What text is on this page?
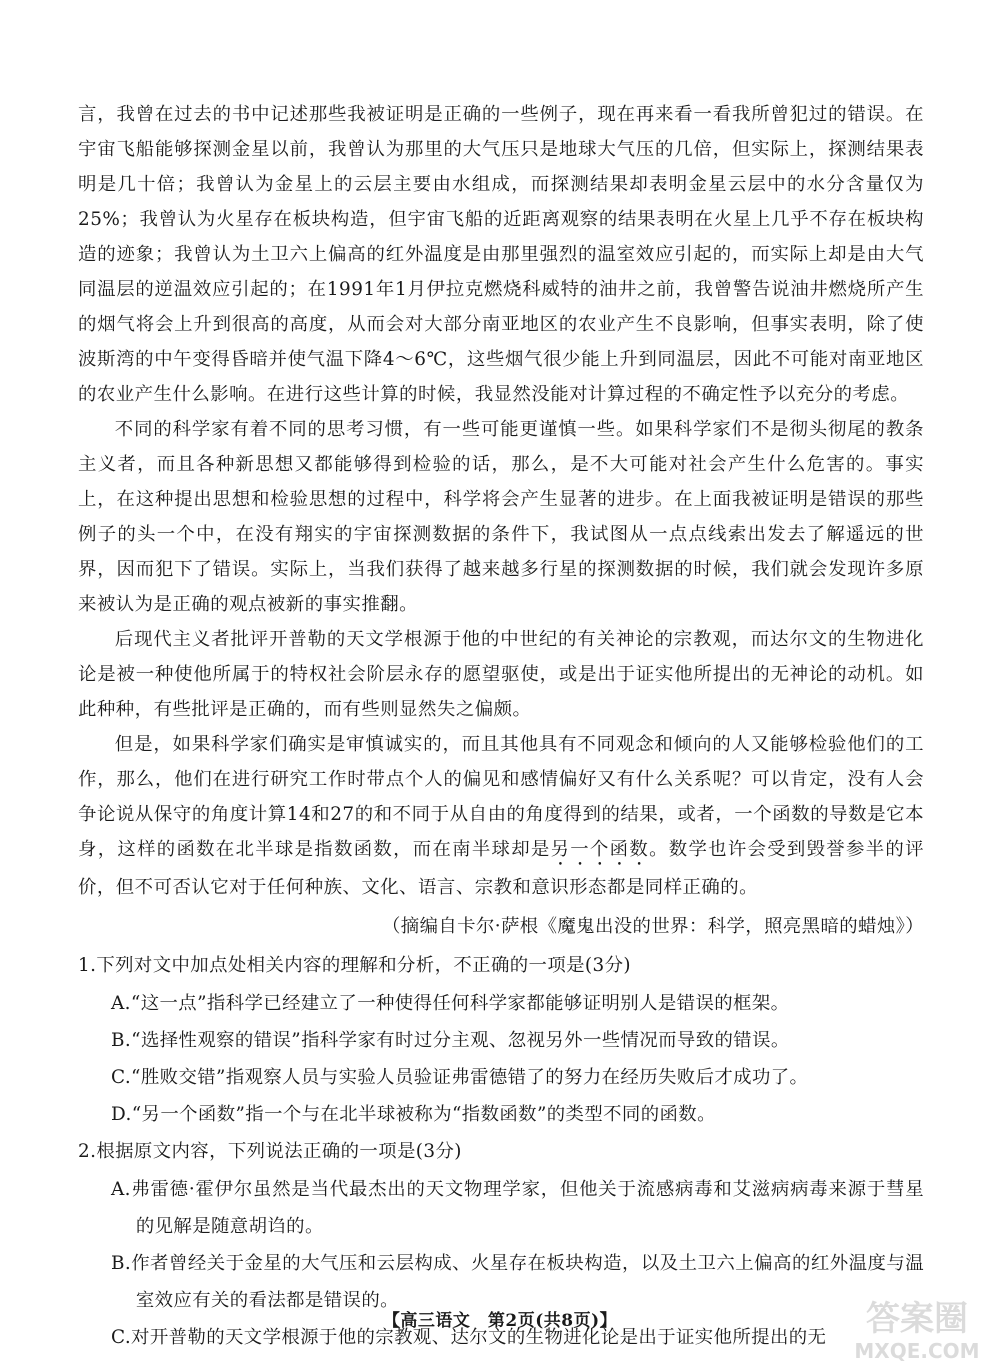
言，我曾在过去的书中记述那些我被证明是正确的一些例子，现在再来看一看我所曾犯过的错误。在宇宙飞船能够探测金星以前，我曾认为那里的大气压只是地球大气压的几倍，但实际上，探测结果表明是几十倍；我曾认为金星上的云层主要由水组成，而探测结果却表明金星云层中的水分含量仅为25%；我曾认为火星存在板块构造，但宇宙飞船的近距离观察的结果表明在火星上几乎不存在板块构造的迹象；我曾认为土卫六上偏高的红外温度是由那里强烈的温室效应引起的，而实际上却是由大气同温层的逆温效应引起的；在1991年1月伊拉克燃烧科威特的油井之前，我曾警告说油井燃烧所产生的烟气将会上升到很高的高度，从而会对大部分南亚地区的农业产生不良影响，但事实表明，除了使波斯湾的中午变得昏暗并使气温下降4～6℃，这些烟气很少能上升到同温层，因此不可能对南亚地区的农业产生什么影响。在进行这些计算的时候，我显然没能对计算过程的不确定性予以充分的考虑。

不同的科学家有着不同的思考习惯，有一些可能更谨慎一些。如果科学家们不是彻头彻尾的教条主义者，而且各种新思想又都能够得到检验的话，那么，是不大可能对社会产生什么危害的。事实上，在这种提出思想和检验思想的过程中，科学将会产生显著的进步。在上面我被证明是错误的那些例子的头一个中，在没有翔实的宇宙探测数据的条件下，我试图从一点点线索出发去了解遥远的世界，因而犯下了错误。实际上，当我们获得了越来越多行星的探测数据的时候，我们就会发现许多原来被认为是正确的观点被新的事实推翻。

后现代主义者批评开普勒的天文学根源于他的中世纪的有关神论的宗教观，而达尔文的生物进化论是被一种使他所属于的特权社会阶层永存的愿望驱使，或是出于证实他所提出的无神论的动机。如此种种，有些批评是正确的，而有些则显然失之偏颇。

但是，如果科学家们确实是审慎诚实的，而且其他具有不同观念和倾向的人又能够检验他们的工作，那么，他们在进行研究工作时带点个人的偏见和感情偏好又有什么关系呢？可以肯定，没有人会争论说从保守的角度计算14和27的和不同于从自由的角度得到的结果，或者，一个函数的导数是它本身，这样的函数在北半球是指数函数，而在南半球却是另一个函数。数学也许会受到毁誉参半的评价，但不可否认它对于任何种族、文化、语言、宗教和意识形态都是同样正确的。

（摘编自卡尔·萨根《魔鬼出没的世界：科学，照亮黑暗的蜡烛》）

1.下列对文中加点处相关内容的理解和分析，不正确的一项是(3分)

A.“这一点”指科学已经建立了一种使得任何科学家都能够证明别人是错误的框架。

B.“选择性观察的错误”指科学家有时过分主观、忽视另外一些情况而导致的错误。

C.“胜败交错”指观察人员与实验人员验证弗雷德错了的努力在经历失败后才成功了。

D.“另一个函数”指一个与在北半球被称为“指数函数”的类型不同的函数。

2.根据原文内容，下列说法正确的一项是(3分)

A.弗雷德·霍伊尔虽然是当代最杰出的天文物理学家，但他关于流感病毒和艾滋病病毒来源于彗星的见解是随意胡诌的。

B.作者曾经关于金星的大气压和云层构成、火星存在板块构造，以及土卫六上偏高的红外温度与温室效应有关的看法都是错误的。

C.对开普勒的天文学根源于他的宗教观、达尔文的生物进化论是出于证实他所提出的无

【高三语文　第2页(共8页)】	答案圈
MXQE.COM
